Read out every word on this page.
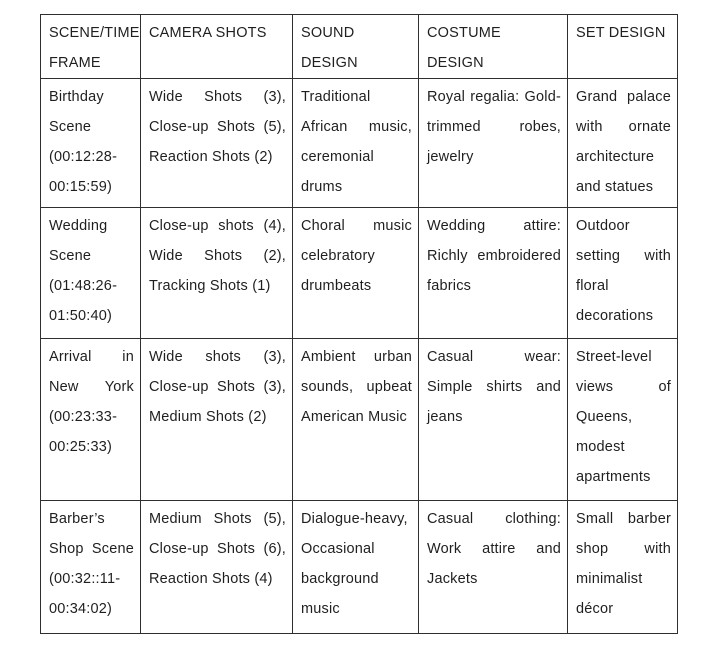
SCENE/TIME FRAME	CAMERA SHOTS	SOUND DESIGN	COSTUME DESIGN	SET DESIGN
Birthday Scene (00:12:28-00:15:59)	Wide Shots (3), Close-up Shots (5), Reaction Shots (2)	Traditional African music, ceremonial drums	Royal regalia: Gold-trimmed robes, jewelry	Grand palace with ornate architecture and statues
Wedding Scene (01:48:26-01:50:40)	Close-up shots (4), Wide Shots (2), Tracking Shots (1)	Choral music celebratory drumbeats	Wedding attire: Richly embroidered fabrics	Outdoor setting with floral decorations
Arrival in New York (00:23:33-00:25:33)	Wide shots (3), Close-up Shots (3), Medium Shots (2)	Ambient urban sounds, upbeat American Music	Casual wear: Simple shirts and jeans	Street-level views of Queens, modest apartments
Barber’s Shop Scene (00:32::11-00:34:02)	Medium Shots (5), Close-up Shots (6), Reaction Shots (4)	Dialogue-heavy, Occasional background music	Casual clothing: Work attire and Jackets	Small barber shop with minimalist décor
